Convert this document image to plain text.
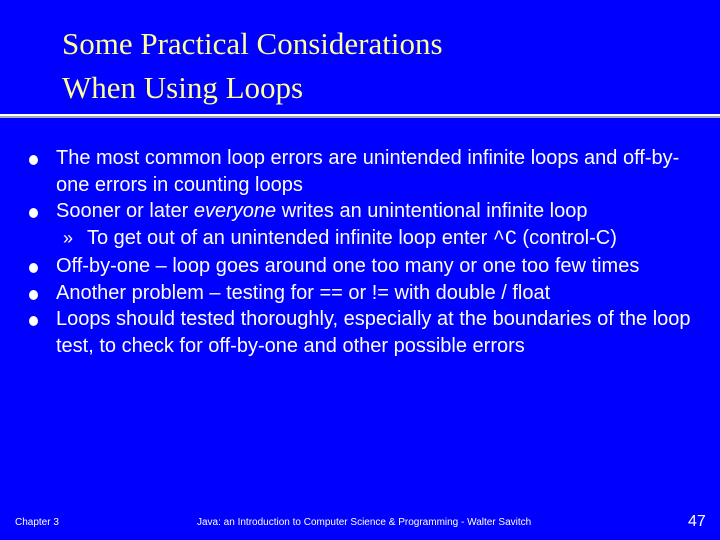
Some Practical Considerations
When Using Loops
The most common loop errors are unintended infinite loops and off-by-one errors in counting loops
Sooner or later everyone writes an unintentional infinite loop
» To get out of an unintended infinite loop enter ^C (control-C)
Off-by-one – loop goes around one too many or one too few times
Another problem – testing for == or != with double / float
Loops should tested thoroughly, especially at the boundaries of the loop test, to check for off-by-one and other possible errors
Chapter 3	Java: an Introduction to Computer Science & Programming - Walter Savitch	47
